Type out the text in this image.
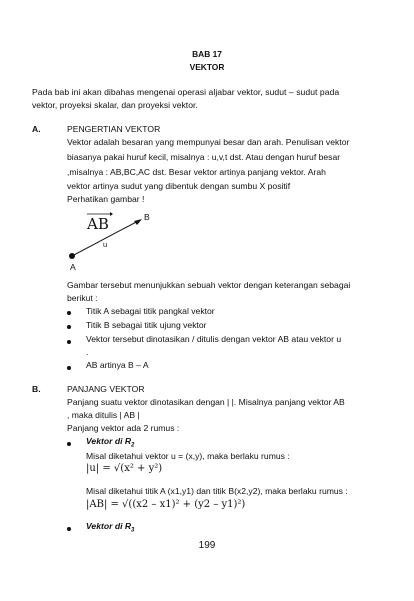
BAB 17
VEKTOR
Pada bab ini akan dibahas mengenai operasi aljabar vektor, sudut – sudut pada
vektor, proyeksi skalar, dan proyeksi vektor.
A.	PENGERTIAN VEKTOR
Vektor adalah besaran yang mempunyai besar dan arah. Penulisan vektor
biasanya pakai huruf kecil, misalnya : u,v,t dst. Atau dengan huruf besar
,misalnya : AB,BC,AC dst. Besar vektor artinya panjang vektor. Arah
vektor artinya sudut yang dibentuk dengan sumbu X positif
Perhatikan gambar !
AB	B
u
A
Gambar tersebut menunjukkan sebuah vektor dengan keterangan sebagai
berikut :
Titik A sebagai titik pangkal vektor
Titik B sebagai titik ujung vektor
Vektor tersebut dinotasikan / ditulis dengan vektor AB atau vektor u
.
AB artinya B – A
B.	PANJANG VEKTOR
Panjang suatu vektor dinotasikan dengan | |. Misalnya panjang vektor AB
, maka ditulis | AB |
Panjang vektor ada 2 rumus :
Vektor di $R_2$
Misal diketahui vektor u = (x,y), maka berlaku rumus :
|u| = √(x² + y²)
Misal diketahui titik A (x1,y1) dan titik B(x2,y2), maka berlaku rumus :
|AB| = √((x2 – x1)² + (y2 – y1)²)
Vektor di $R_3$
199
